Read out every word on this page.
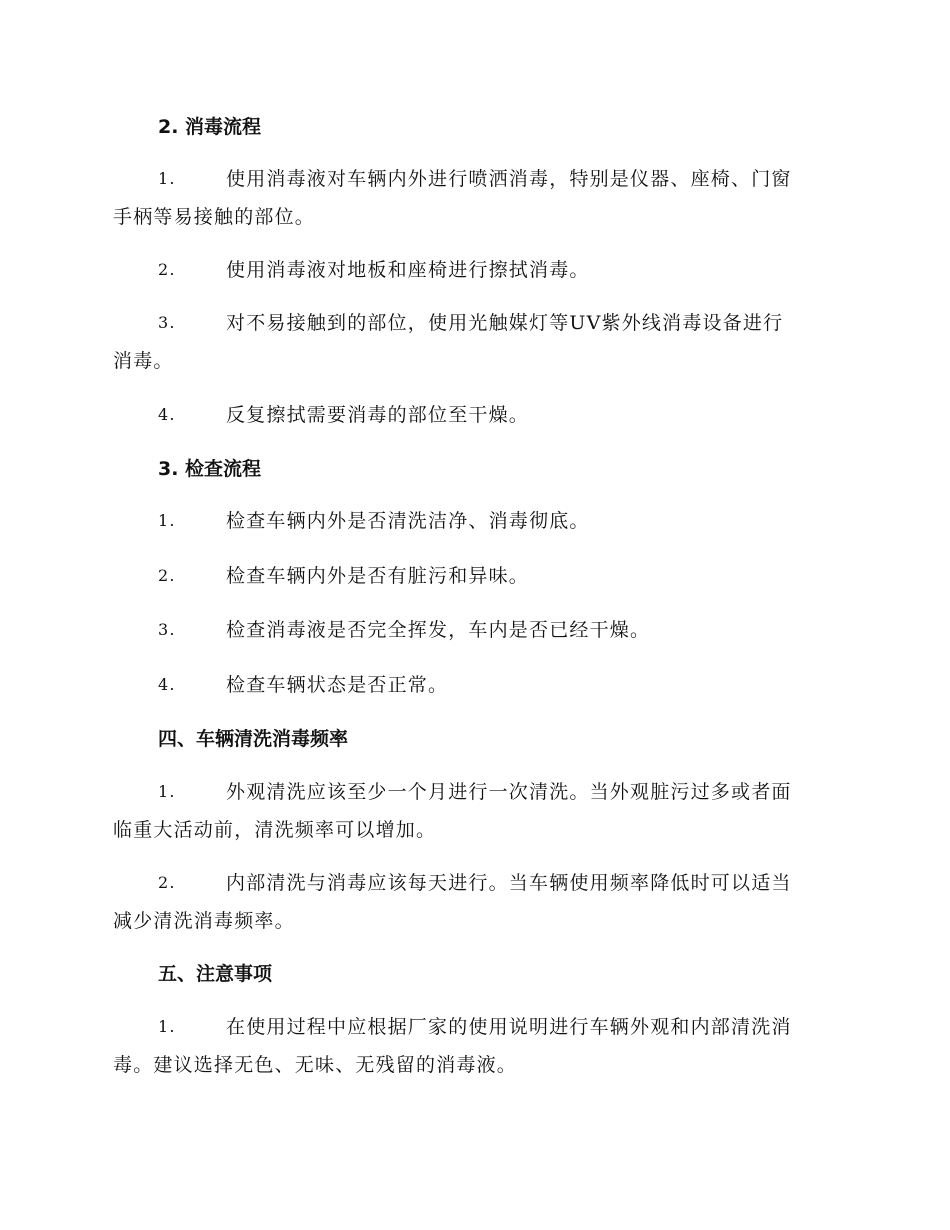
2. 消毒流程
1.	使用消毒液对车辆内外进行喷洒消毒，特别是仪器、座椅、门窗
手柄等易接触的部位。
2.	使用消毒液对地板和座椅进行擦拭消毒。
3.	对不易接触到的部位，使用光触媒灯等UV紫外线消毒设备进行
消毒。
4.	反复擦拭需要消毒的部位至干燥。
3. 检查流程
1.	检查车辆内外是否清洗洁净、消毒彻底。
2.	检查车辆内外是否有脏污和异味。
3.	检查消毒液是否完全挥发，车内是否已经干燥。
4.	检查车辆状态是否正常。
四、车辆清洗消毒频率
1.	外观清洗应该至少一个月进行一次清洗。当外观脏污过多或者面
临重大活动前，清洗频率可以增加。
2.	内部清洗与消毒应该每天进行。当车辆使用频率降低时可以适当
减少清洗消毒频率。
五、注意事项
1.	在使用过程中应根据厂家的使用说明进行车辆外观和内部清洗消
毒。建议选择无色、无味、无残留的消毒液。
